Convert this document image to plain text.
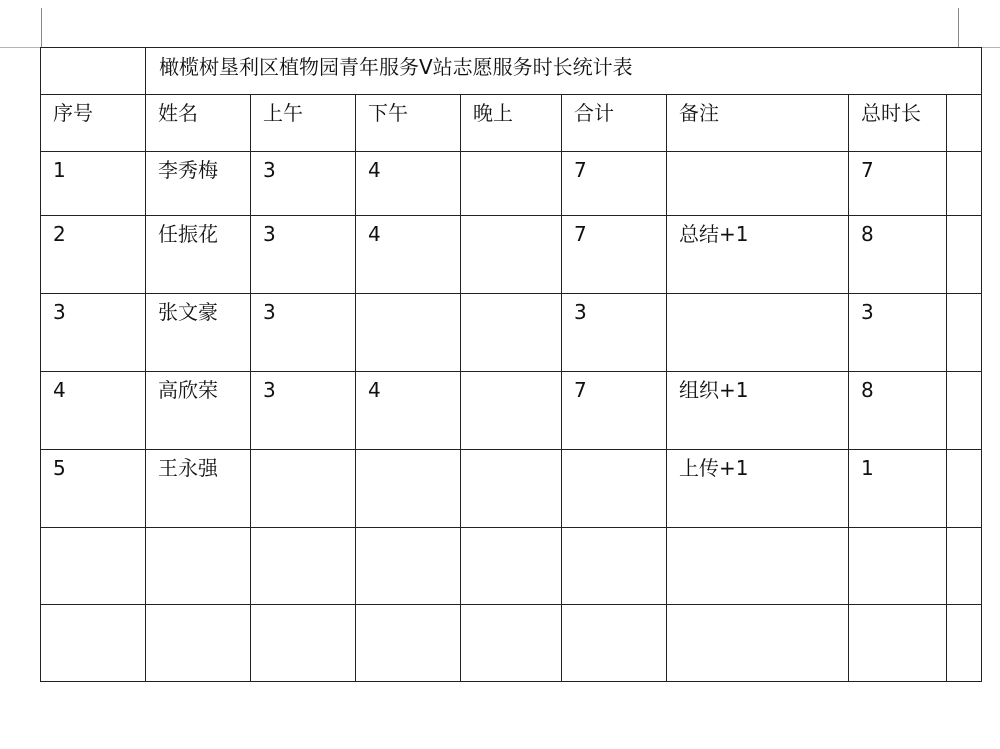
	橄榄树垦利区植物园青年服务V站志愿服务时长统计表							
序号	姓名	上午	下午	晚上	合计	备注	总时长	
1	李秀梅	3	4		7		7	
2	任振花	3	4		7	总结+1	8	
3	张文豪	3			3		3	
4	高欣荣	3	4		7	组织+1	8	
5	王永强					上传+1	1	
